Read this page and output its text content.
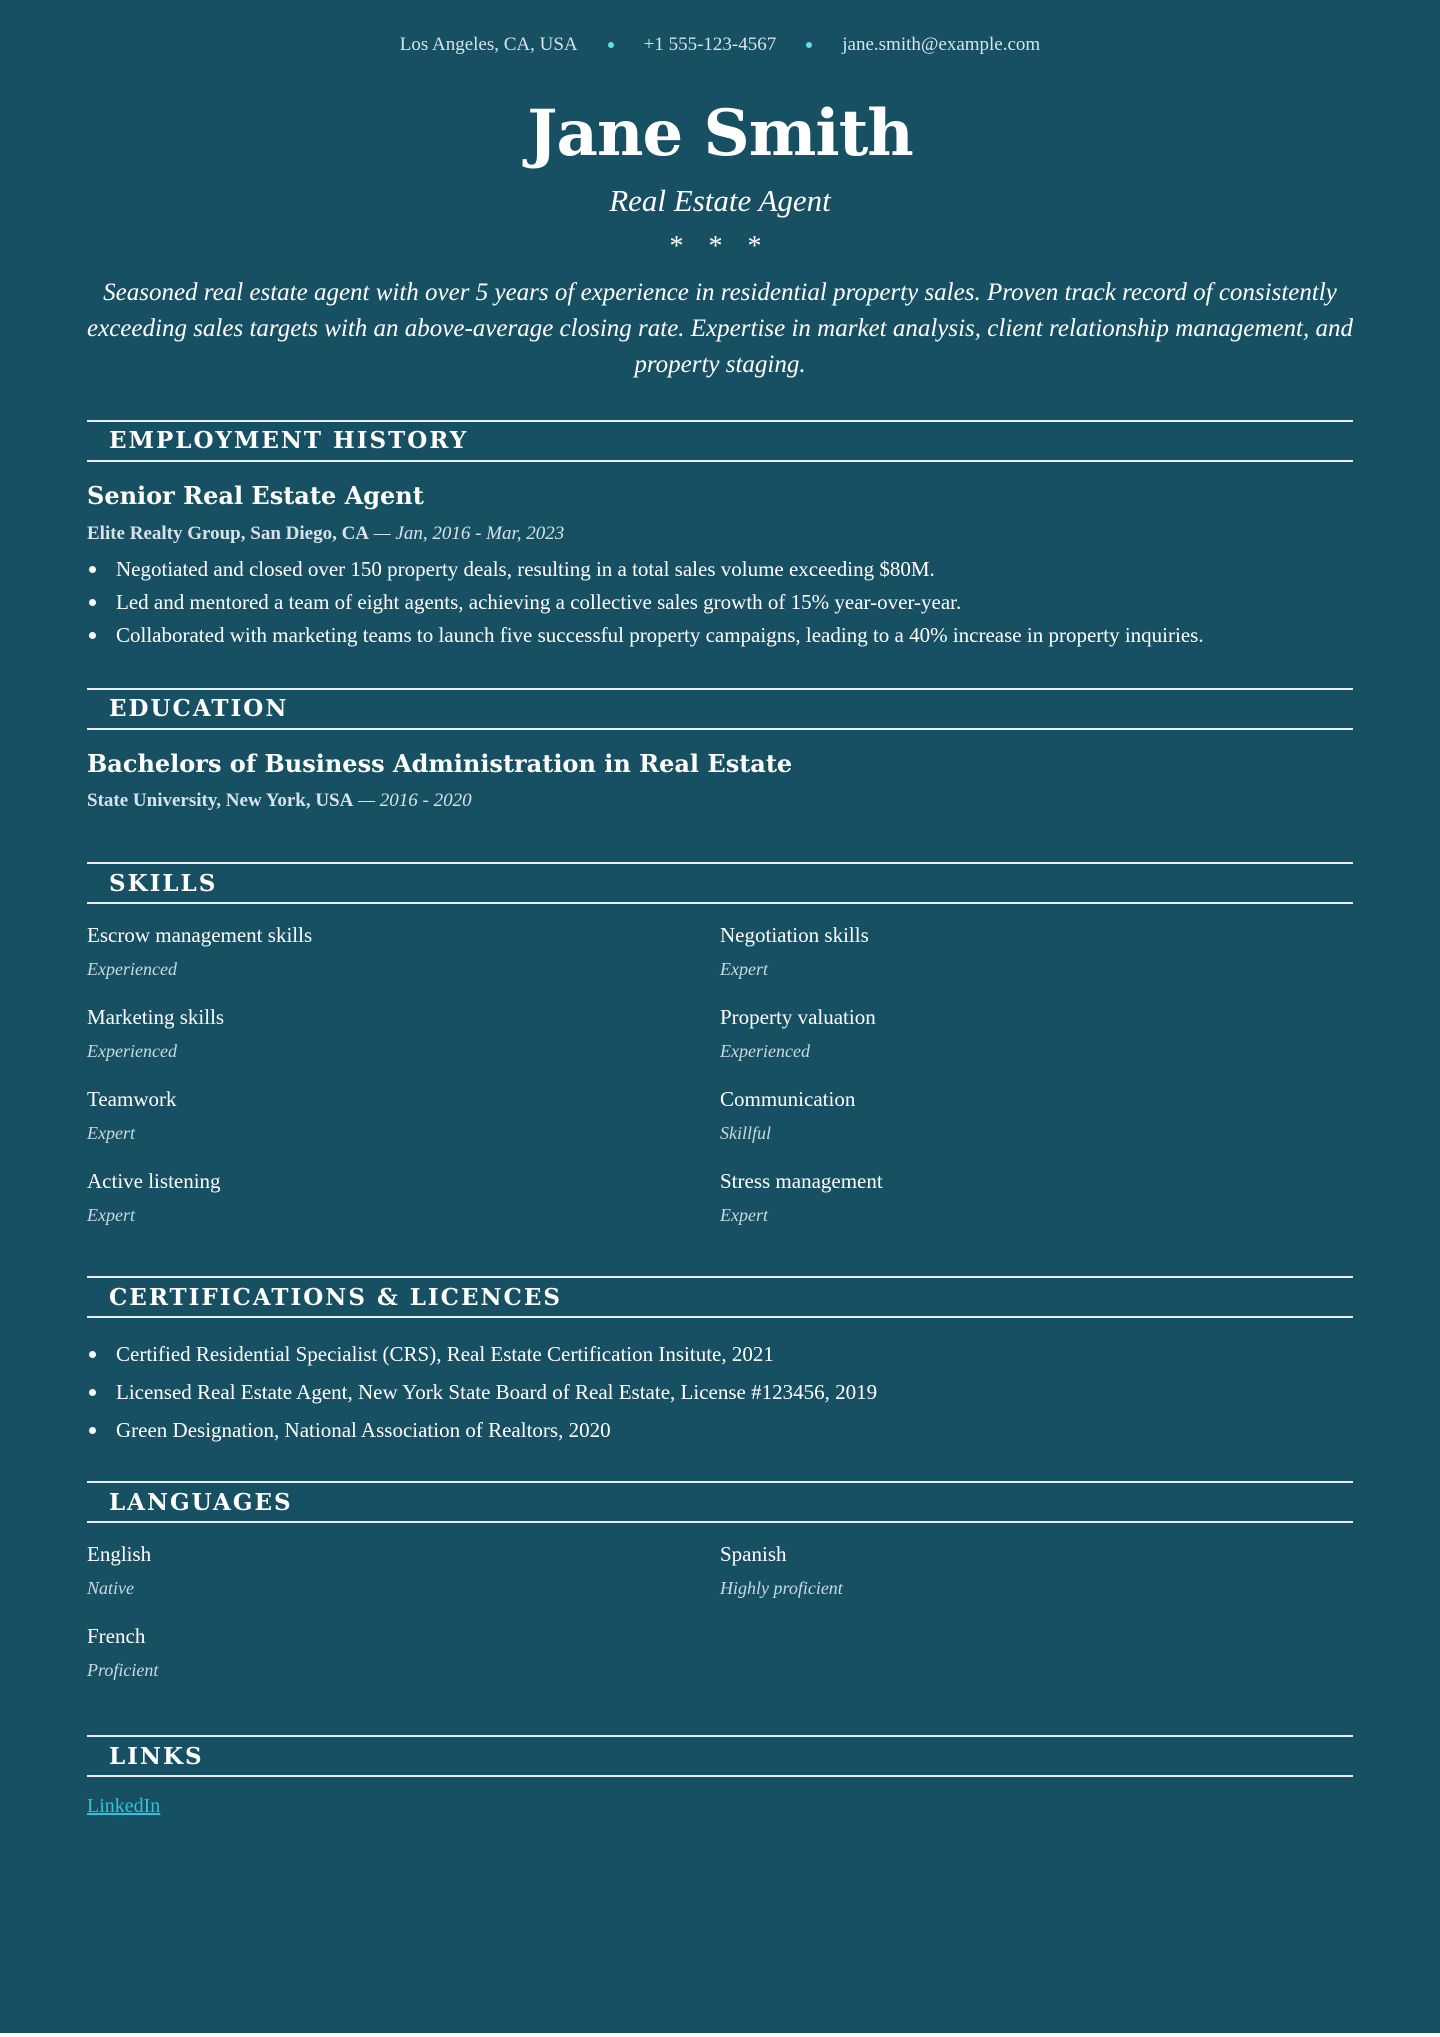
Los Angeles, CA, USA	+1 555-123-4567	jane.smith@example.com
Jane Smith
Real Estate Agent
* * *
Seasoned real estate agent with over 5 years of experience in residential property sales. Proven track record of consistently exceeding sales targets with an above-average closing rate. Expertise in market analysis, client relationship management, and property staging.
EMPLOYMENT HISTORY
Senior Real Estate Agent
Elite Realty Group, San Diego, CA — Jan, 2016 - Mar, 2023
Negotiated and closed over 150 property deals, resulting in a total sales volume exceeding $80M.
Led and mentored a team of eight agents, achieving a collective sales growth of 15% year-over-year.
Collaborated with marketing teams to launch five successful property campaigns, leading to a 40% increase in property inquiries.
EDUCATION
Bachelors of Business Administration in Real Estate
State University, New York, USA — 2016 - 2020
SKILLS
Escrow management skills
Experienced
Negotiation skills
Expert
Marketing skills
Experienced
Property valuation
Experienced
Teamwork
Expert
Communication
Skillful
Active listening
Expert
Stress management
Expert
CERTIFICATIONS & LICENCES
Certified Residential Specialist (CRS), Real Estate Certification Insitute, 2021
Licensed Real Estate Agent, New York State Board of Real Estate, License #123456, 2019
Green Designation, National Association of Realtors, 2020
LANGUAGES
English
Native
Spanish
Highly proficient
French
Proficient
LINKS
LinkedIn
